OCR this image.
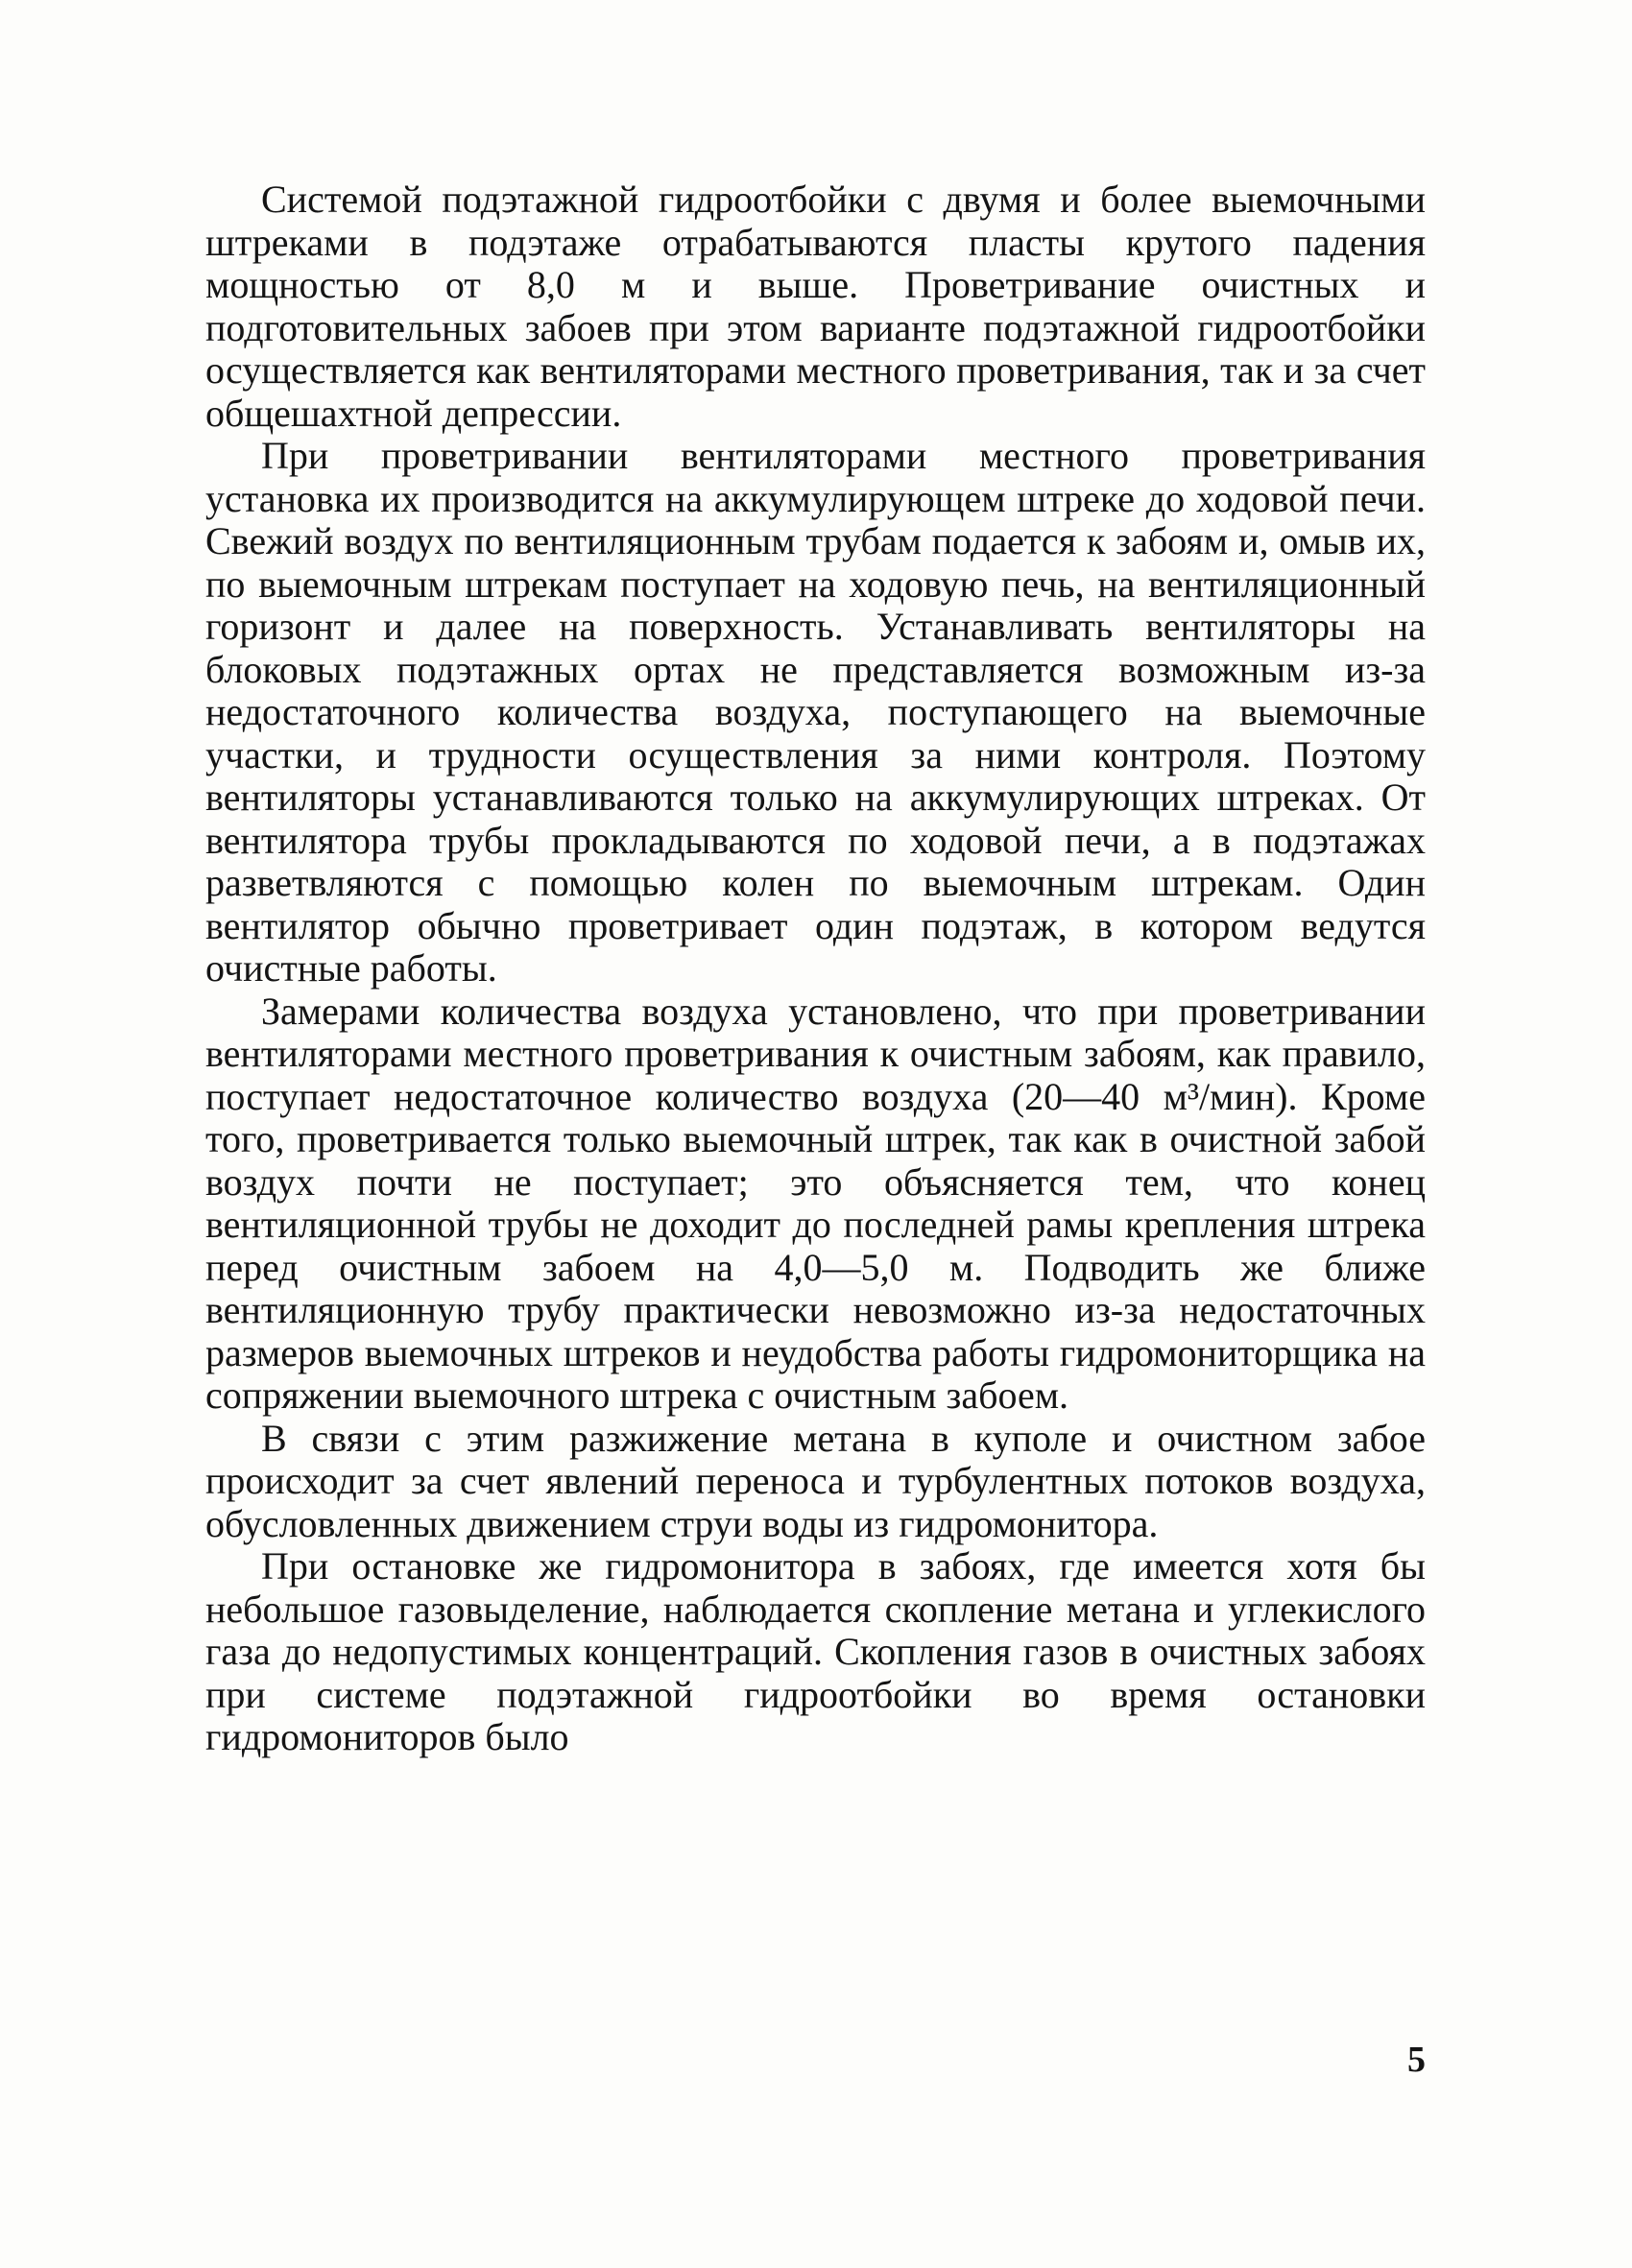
Системой подэтажной гидроотбойки с двумя и более выемочными штреками в подэтаже отрабатываются пласты крутого падения мощностью от 8,0 м и выше. Проветривание очистных и подготовительных забоев при этом варианте подэтажной гидроотбойки осуществляется как вентиляторами местного проветривания, так и за счет общешахтной депрессии.

При проветривании вентиляторами местного проветривания установка их производится на аккумулирующем штреке до ходовой печи. Свежий воздух по вентиляционным трубам подается к забоям и, омыв их, по выемочным штрекам поступает на ходовую печь, на вентиляционный горизонт и далее на поверхность. Устанавливать вентиляторы на блоковых подэтажных ортах не представляется возможным из-за недостаточного количества воздуха, поступающего на выемочные участки, и трудности осуществления за ними контроля. Поэтому вентиляторы устанавливаются только на аккумулирующих штреках. От вентилятора трубы прокладываются по ходовой печи, а в подэтажах разветвляются с помощью колен по выемочным штрекам. Один вентилятор обычно проветривает один подэтаж, в котором ведутся очистные работы.

Замерами количества воздуха установлено, что при проветривании вентиляторами местного проветривания к очистным забоям, как правило, поступает недостаточное количество воздуха (20—40 м³/мин). Кроме того, проветривается только выемочный штрек, так как в очистной забой воздух почти не поступает; это объясняется тем, что конец вентиляционной трубы не доходит до последней рамы крепления штрека перед очистным забоем на 4,0—5,0 м. Подводить же ближе вентиляционную трубу практически невозможно из-за недостаточных размеров выемочных штреков и неудобства работы гидромониторщика на сопряжении выемочного штрека с очистным забоем.

В связи с этим разжижение метана в куполе и очистном забое происходит за счет явлений переноса и турбулентных потоков воздуха, обусловленных движением струи воды из гидромонитора.

При остановке же гидромонитора в забоях, где имеется хотя бы небольшое газовыделение, наблюдается скопление метана и углекислого газа до недопустимых концентраций. Скопления газов в очистных забоях при системе подэтажной гидроотбойки во время остановки гидромониторов было

5
